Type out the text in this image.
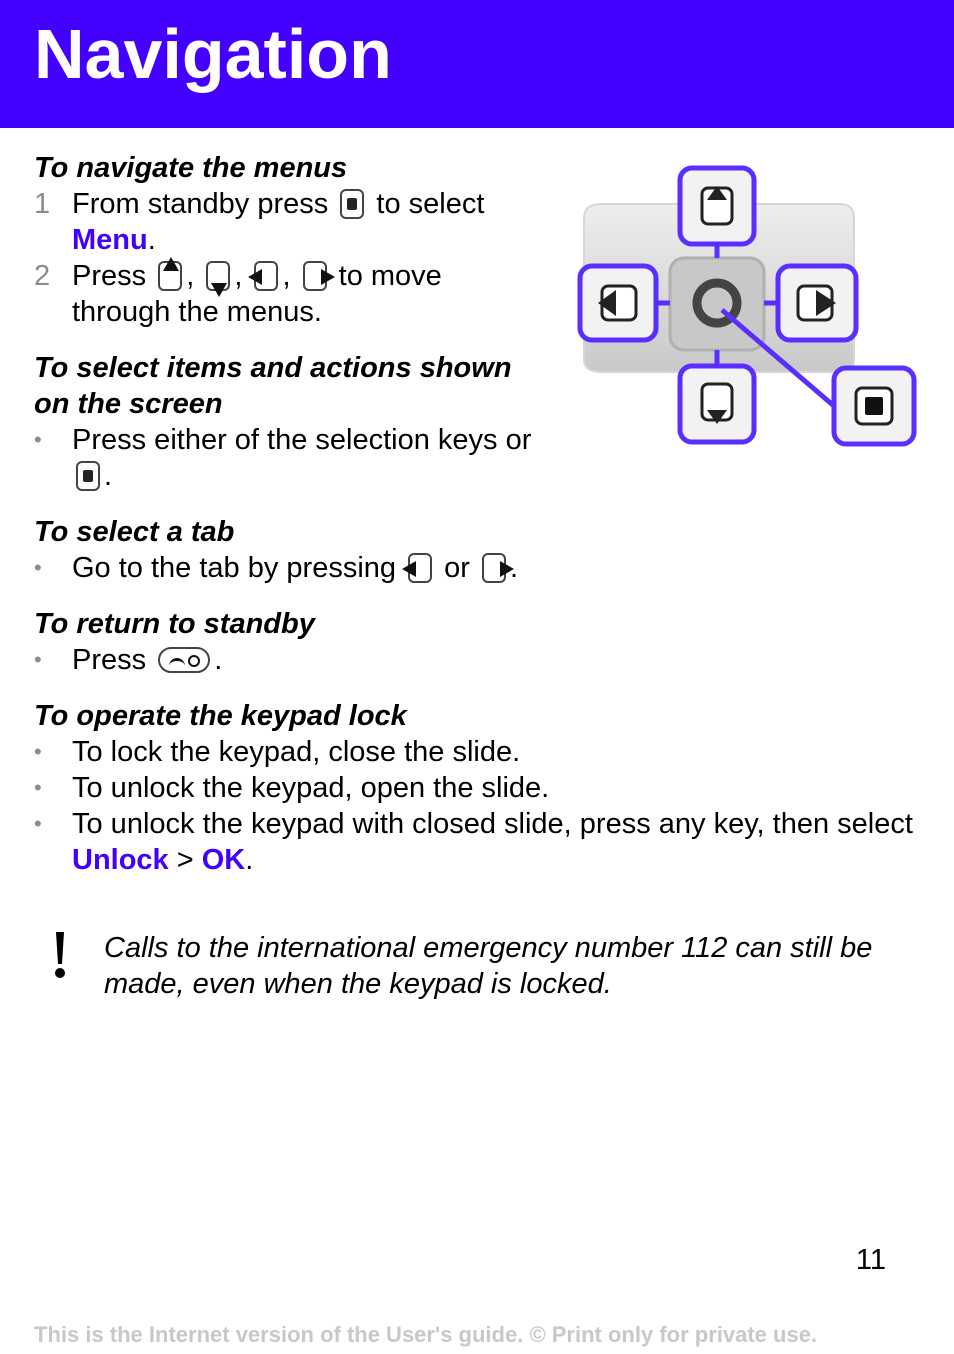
Navigation

To navigate the menus

1 From standby press to select Menu.
2 Press , , , to move through the menus.

To select items and actions shown on the screen

•	Press either of the selection keys or
.

To select a tab

•	Go to the tab by pressing or .

To return to standby

•	Press .

To operate the keypad lock

•	To lock the keypad, close the slide.
•	To unlock the keypad, open the slide.
•	To unlock the keypad with closed slide, press any key, then select Unlock > OK.
Calls to the international emergency number 112 can still be made, even when the keypad is locked.
11
This is the Internet version of the User's guide. © Print only for private use.
